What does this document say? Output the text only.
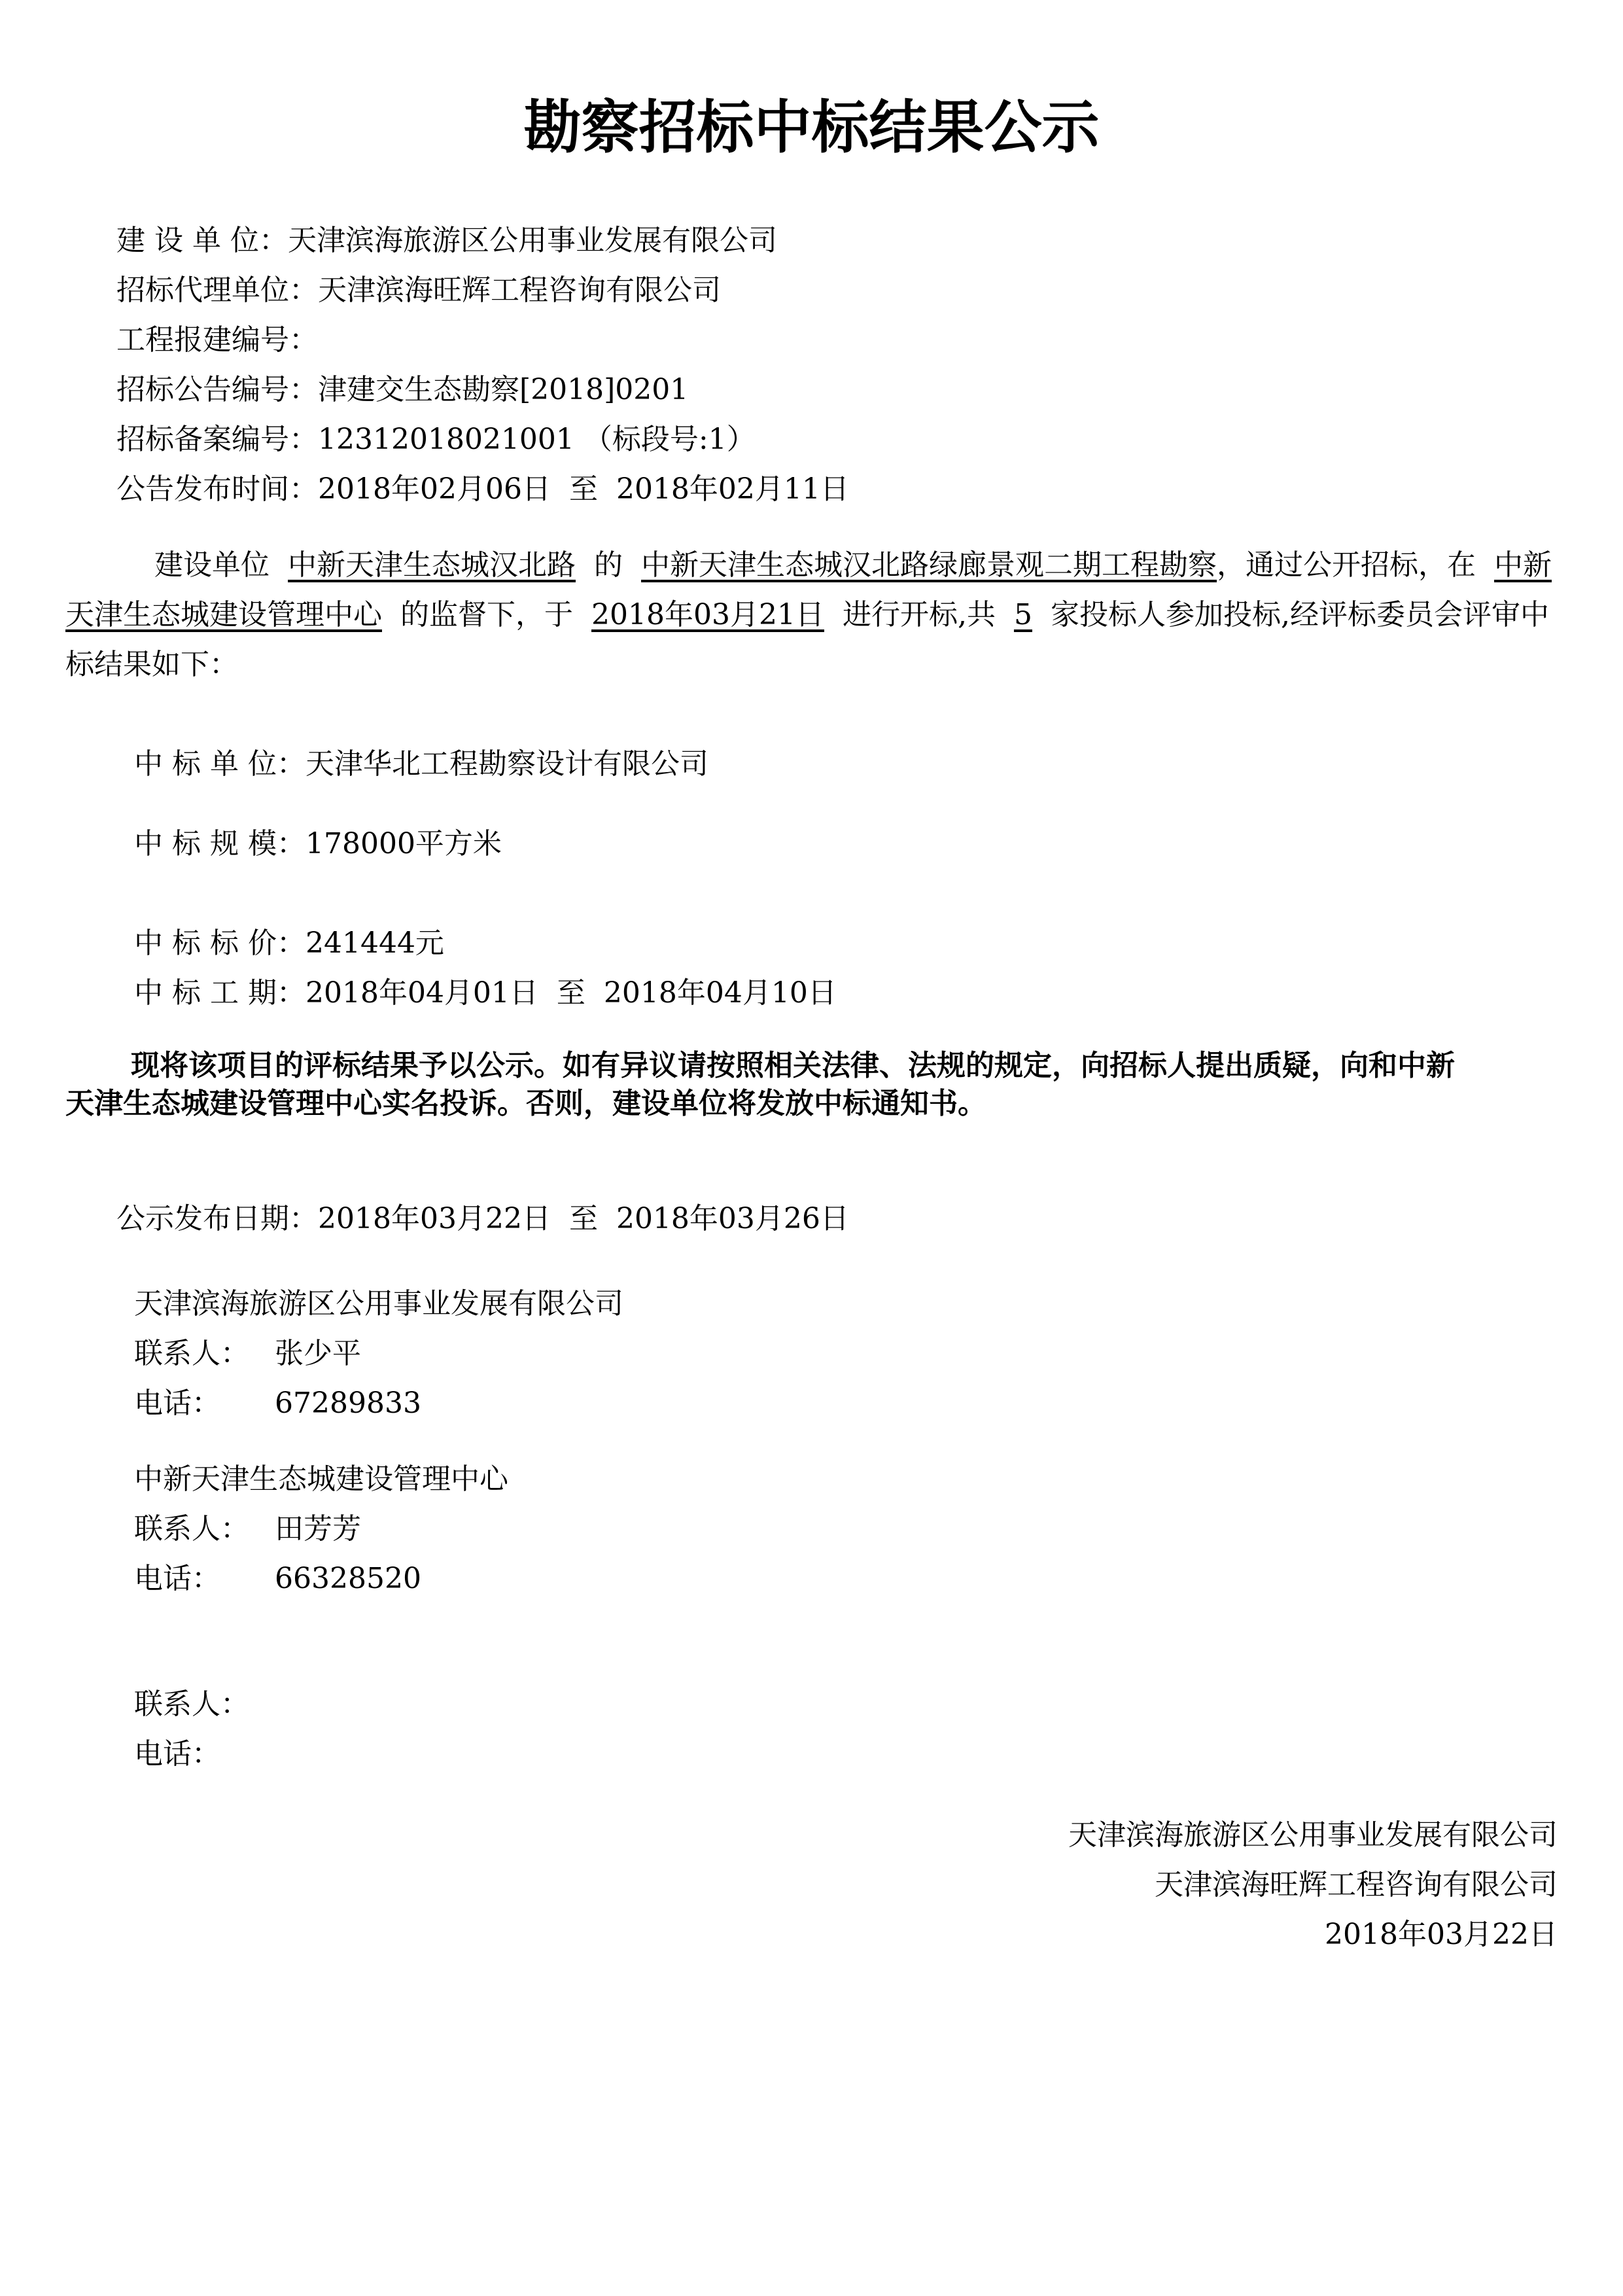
勘察招标中标结果公示
建 设 单 位：天津滨海旅游区公用事业发展有限公司
招标代理单位：天津滨海旺辉工程咨询有限公司
工程报建编号：
招标公告编号：津建交生态勘察[2018]0201
招标备案编号：12312018021001 （标段号:1）
公告发布时间：2018年02月06日 至 2018年02月11日
建设单位 中新天津生态城汉北路 的 中新天津生态城汉北路绿廊景观二期工程勘察，通过公开招标，在 中新天津生态城建设管理中心 的监督下，于 2018年03月21日 进行开标,共 5 家投标人参加投标,经评标委员会评审中标结果如下：
中 标 单 位：天津华北工程勘察设计有限公司
中 标 规 模：178000平方米
中 标 标 价：241444元
中 标 工 期：2018年04月01日 至 2018年04月10日
现将该项目的评标结果予以公示。如有异议请按照相关法律、法规的规定，向招标人提出质疑，向和中新天津生态城建设管理中心实名投诉。否则，建设单位将发放中标通知书。
公示发布日期：2018年03月22日 至 2018年03月26日
天津滨海旅游区公用事业发展有限公司
联系人： 张少平
电话： 67289833
中新天津生态城建设管理中心
联系人： 田芳芳
电话： 66328520
联系人：
电话：
天津滨海旅游区公用事业发展有限公司
天津滨海旺辉工程咨询有限公司
2018年03月22日
